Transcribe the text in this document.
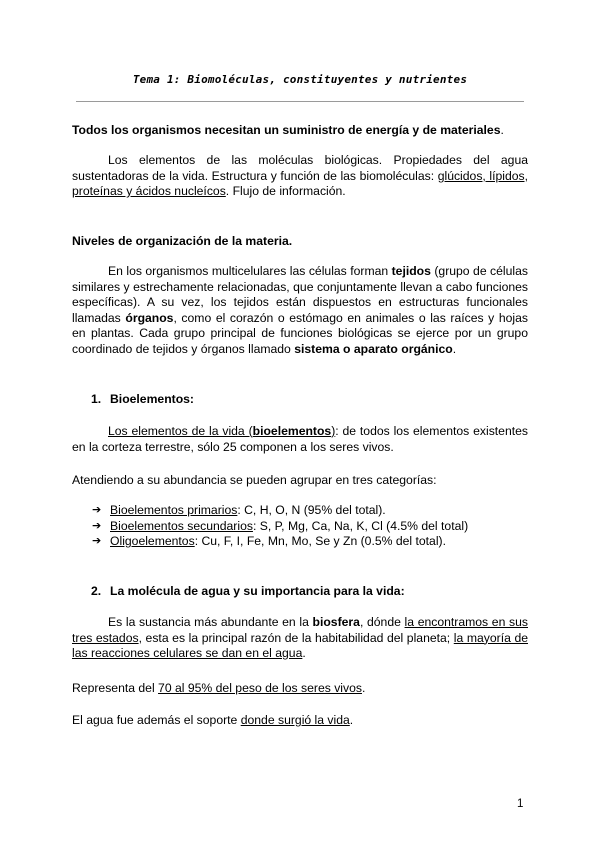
Tema 1: Biomoléculas, constituyentes y nutrientes
Todos los organismos necesitan un suministro de energía y de materiales.
Los elementos de las moléculas biológicas. Propiedades del agua sustentadoras de la vida. Estructura y función de las biomoléculas: glúcidos, lípidos, proteínas y ácidos nucleícos. Flujo de información.
Niveles de organización de la materia.
En los organismos multicelulares las células forman tejidos (grupo de células similares y estrechamente relacionadas, que conjuntamente llevan a cabo funciones específicas). A su vez, los tejidos están dispuestos en estructuras funcionales llamadas órganos, como el corazón o estómago en animales o las raíces y hojas en plantas. Cada grupo principal de funciones biológicas se ejerce por un grupo coordinado de tejidos y órganos llamado sistema o aparato orgánico.
1. Bioelementos:
Los elementos de la vida (bioelementos): de todos los elementos existentes en la corteza terrestre, sólo 25 componen a los seres vivos.
Atendiendo a su abundancia se pueden agrupar en tres categorías:
➔ Bioelementos primarios: C, H, O, N (95% del total).
➔ Bioelementos secundarios: S, P, Mg, Ca, Na, K, Cl (4.5% del total)
➔ Oligoelementos: Cu, F, I, Fe, Mn, Mo, Se y Zn (0.5% del total).
2. La molécula de agua y su importancia para la vida:
Es la sustancia más abundante en la biosfera, dónde la encontramos en sus tres estados, esta es la principal razón de la habitabilidad del planeta; la mayoría de las reacciones celulares se dan en el agua.
Representa del 70 al 95% del peso de los seres vivos.
El agua fue además el soporte donde surgió la vida.
1
